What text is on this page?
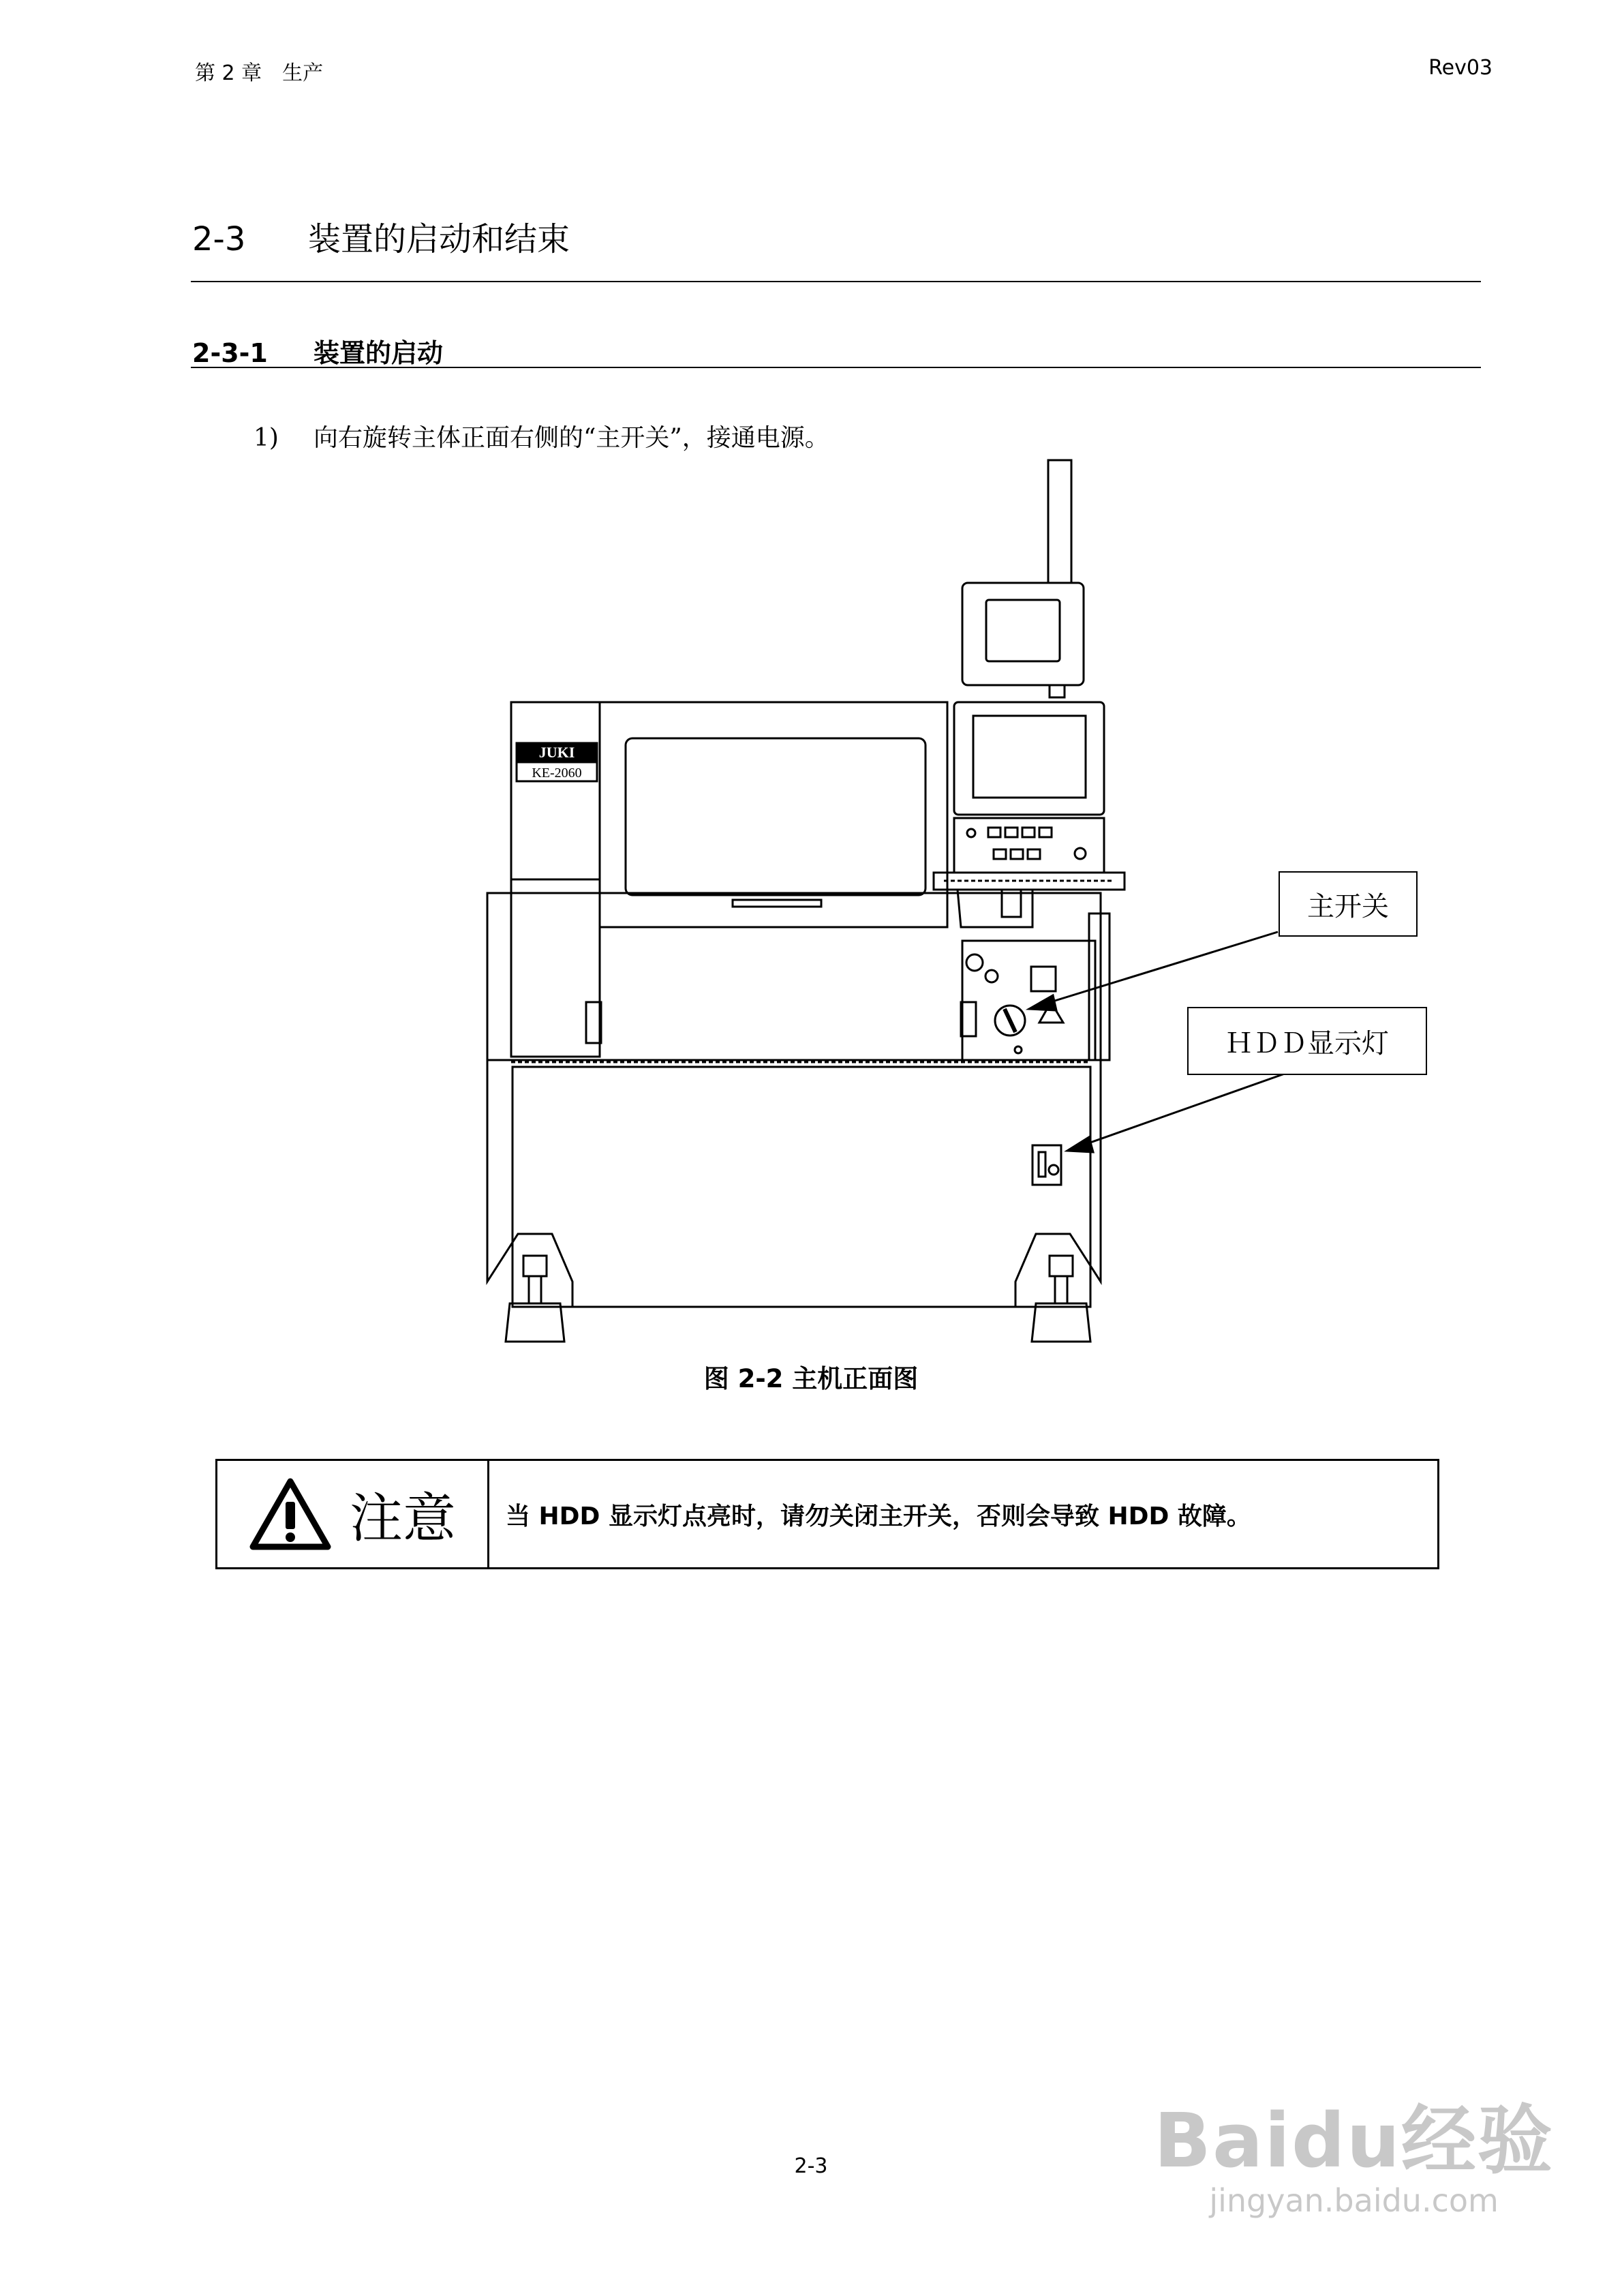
第 2 章　生产	Rev03
2-3 装置的启动和结束
2-3-1 装置的启动
1) 向右旋转主体正面右侧的“主开关”，接通电源。
JUKI
KE-2060
主开关
ＨＤＤ显示灯
图 2-2 主机正面图
注意	当 HDD 显示灯点亮时，请勿关闭主开关，否则会导致 HDD 故障。
2-3	Baidu经验
jingyan.baidu.com
